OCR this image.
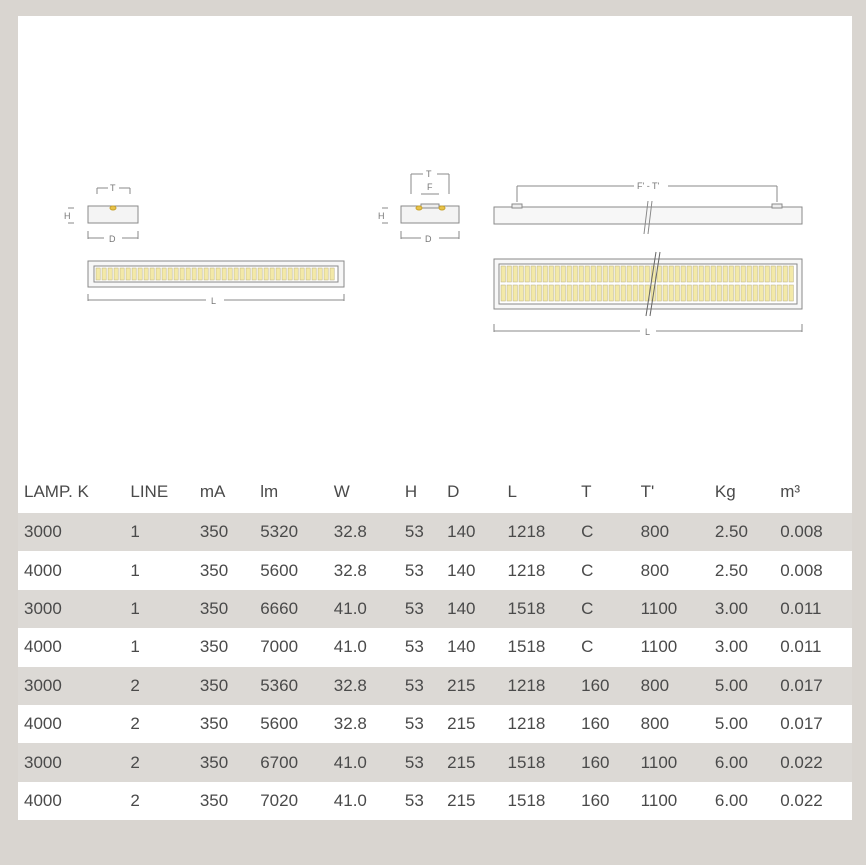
T
H
D
L
T
F
H
D
F' - T'
L
LAMP. K	LINE	mA	lm	W	H	D	L	T	T'	Kg	m³
3000	1	350	5320	32.8	53	140	1218	C	800	2.50	0.008
4000	1	350	5600	32.8	53	140	1218	C	800	2.50	0.008
3000	1	350	6660	41.0	53	140	1518	C	1100	3.00	0.011
4000	1	350	7000	41.0	53	140	1518	C	1100	3.00	0.011
3000	2	350	5360	32.8	53	215	1218	160	800	5.00	0.017
4000	2	350	5600	32.8	53	215	1218	160	800	5.00	0.017
3000	2	350	6700	41.0	53	215	1518	160	1100	6.00	0.022
4000	2	350	7020	41.0	53	215	1518	160	1100	6.00	0.022
